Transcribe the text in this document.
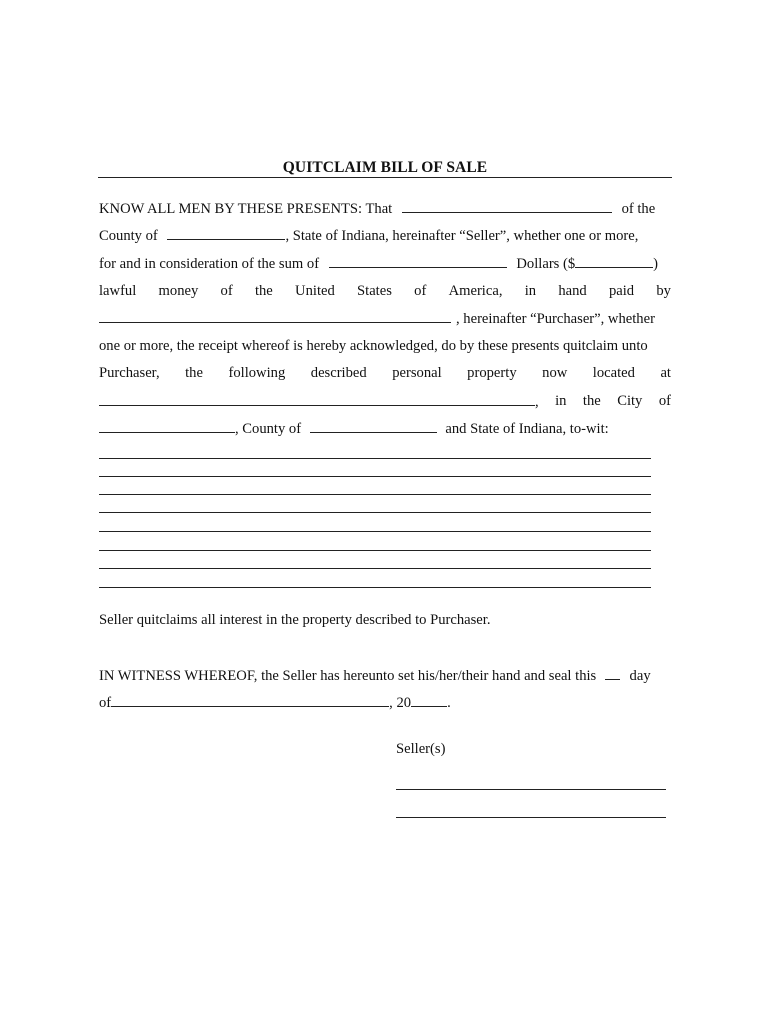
QUITCLAIM BILL OF SALE
KNOW ALL MEN BY THESE PRESENTS: That	of the
County of	, State of Indiana, hereinafter “Seller”, whether one or more,
for and in consideration of the sum of	Dollars ($	)
lawful money of the United States of America, in hand paid by
, hereinafter “Purchaser”, whether
one or more, the receipt whereof is hereby acknowledged, do by these presents quitclaim unto
Purchaser, the following described personal property now located at
, in the City of
, County of	and State of Indiana, to-wit:
Seller quitclaims all interest in the property described to Purchaser.
IN WITNESS WHEREOF, the Seller has hereunto set his/her/their hand and seal this day
of	, 20 .
Seller(s)
